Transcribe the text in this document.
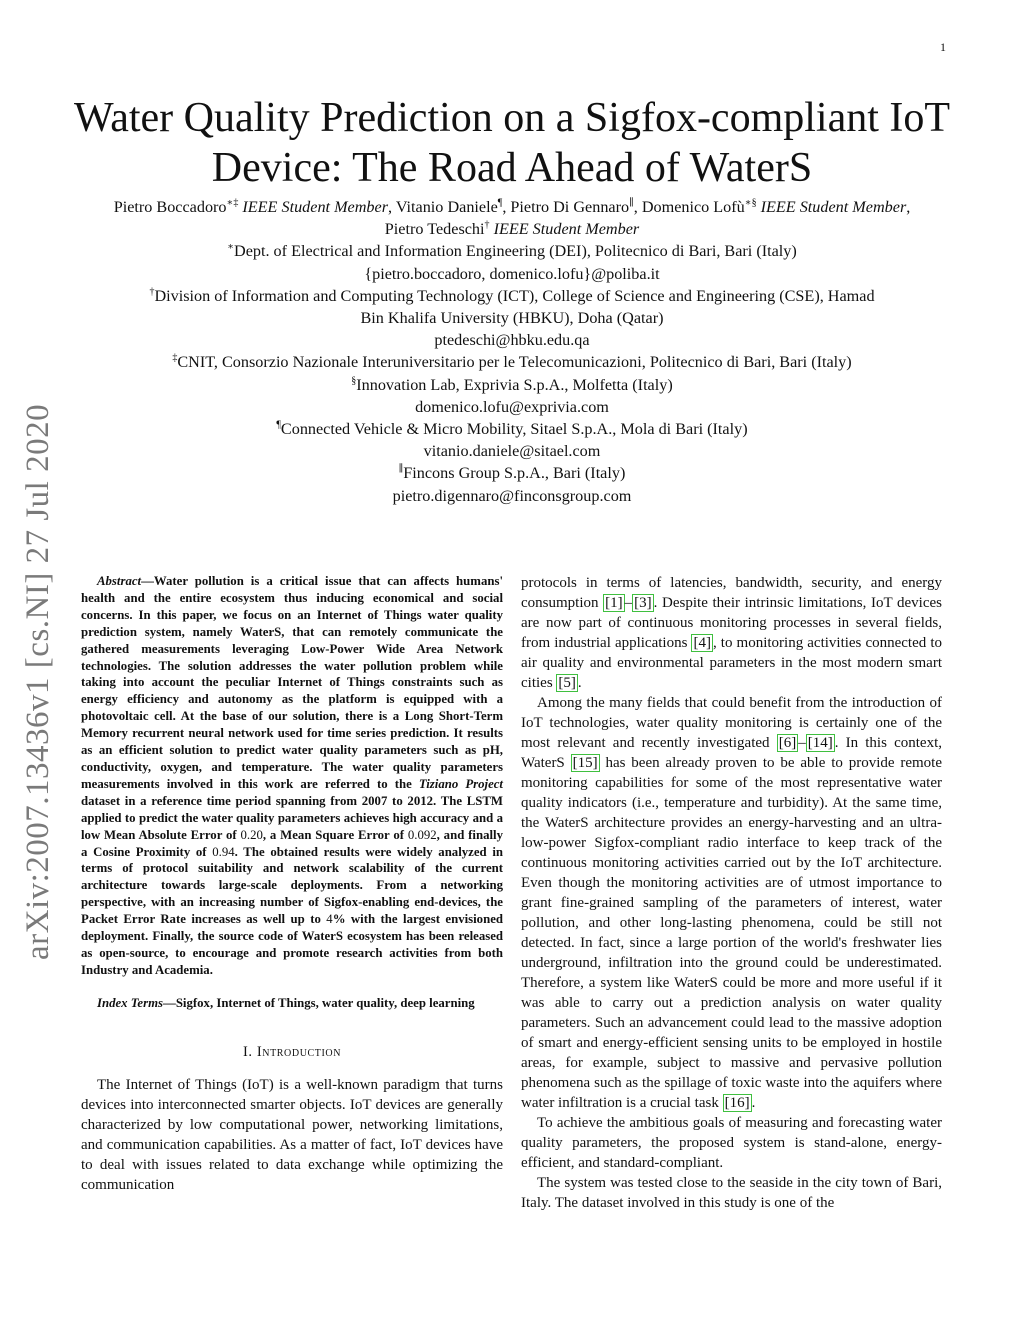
1
arXiv:2007.13436v1 [cs.NI] 27 Jul 2020
Water Quality Prediction on a Sigfox-compliant IoT
Device: The Road Ahead of WaterS
Pietro Boccadoro∗‡ IEEE Student Member, Vitanio Daniele¶, Pietro Di Gennaro∥, Domenico Lofù∗§ IEEE Student Member, Pietro Tedeschi† IEEE Student Member
∗Dept. of Electrical and Information Engineering (DEI), Politecnico di Bari, Bari (Italy)
{pietro.boccadoro, domenico.lofu}@poliba.it
†Division of Information and Computing Technology (ICT), College of Science and Engineering (CSE), Hamad
Bin Khalifa University (HBKU), Doha (Qatar)
ptedeschi@hbku.edu.qa
‡CNIT, Consorzio Nazionale Interuniversitario per le Telecomunicazioni, Politecnico di Bari, Bari (Italy)
§Innovation Lab, Exprivia S.p.A., Molfetta (Italy)
domenico.lofu@exprivia.com
¶Connected Vehicle & Micro Mobility, Sitael S.p.A., Mola di Bari (Italy)
vitanio.daniele@sitael.com
∥Fincons Group S.p.A., Bari (Italy)
pietro.digennaro@finconsgroup.com

Abstract—Water pollution is a critical issue that can affects humans' health and the entire ecosystem thus inducing economical and social concerns. In this paper, we focus on an Internet of Things water quality prediction system, namely WaterS, that can remotely communicate the gathered measurements leveraging Low-Power Wide Area Network technologies. The solution addresses the water pollution problem while taking into account the peculiar Internet of Things constraints such as energy efficiency and autonomy as the platform is equipped with a photovoltaic cell. At the base of our solution, there is a Long Short-Term Memory recurrent neural network used for time series prediction. It results as an efficient solution to predict water quality parameters such as pH, conductivity, oxygen, and temperature. The water quality parameters measurements involved in this work are referred to the Tiziano Project dataset in a reference time period spanning from 2007 to 2012. The LSTM applied to predict the water quality parameters achieves high accuracy and a low Mean Absolute Error of 0.20, a Mean Square Error of 0.092, and finally a Cosine Proximity of 0.94. The obtained results were widely analyzed in terms of protocol suitability and network scalability of the current architecture towards large-scale deployments. From a networking perspective, with an increasing number of Sigfox-enabling end-devices, the Packet Error Rate increases as well up to 4% with the largest envisioned deployment. Finally, the source code of WaterS ecosystem has been released as open-source, to encourage and promote research activities from both Industry and Academia.

Index Terms—Sigfox, Internet of Things, water quality, deep learning

I. Introduction

The Internet of Things (IoT) is a well-known paradigm that turns devices into interconnected smarter objects. IoT devices are generally characterized by low computational power, networking limitations, and communication capabilities. As a matter of fact, IoT devices have to deal with issues related to data exchange while optimizing the communication

protocols in terms of latencies, bandwidth, security, and energy consumption [1] – [3] . Despite their intrinsic limitations, IoT devices are now part of continuous monitoring processes in several fields, from industrial applications [4] , to monitoring activities connected to air quality and environmental parameters in the most modern smart cities [5] .

Among the many fields that could benefit from the introduction of IoT technologies, water quality monitoring is certainly one of the most relevant and recently investigated [6] – [14] . In this context, WaterS [15] has been already proven to be able to provide remote monitoring capabilities for some of the most representative water quality indicators (i.e., temperature and turbidity). At the same time, the WaterS architecture provides an energy-harvesting and an ultra-low-power Sigfox-compliant radio interface to keep track of the continuous monitoring activities carried out by the IoT architecture. Even though the monitoring activities are of utmost importance to grant fine-grained sampling of the parameters of interest, water pollution, and other long-lasting phenomena, could be still not detected. In fact, since a large portion of the world's freshwater lies underground, infiltration into the ground could be underestimated. Therefore, a system like WaterS could be more and more useful if it was able to carry out a prediction analysis on water quality parameters. Such an advancement could lead to the massive adoption of smart and energy-efficient sensing units to be employed in hostile areas, for example, subject to massive and pervasive pollution phenomena such as the spillage of toxic waste into the aquifers where water infiltration is a crucial task [16] .

To achieve the ambitious goals of measuring and forecasting water quality parameters, the proposed system is stand-alone, energy-efficient, and standard-compliant.

The system was tested close to the seaside in the city town of Bari, Italy. The dataset involved in this study is one of the
